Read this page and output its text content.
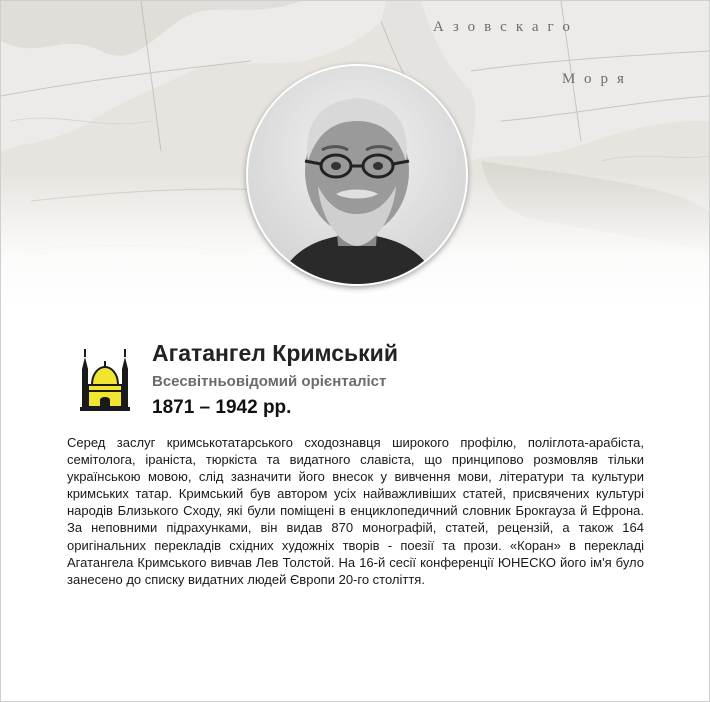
Азовскаго
Моря
Агатангел Кримський
Всесвітньовідомий орієнталіст
1871 – 1942 рр.

Серед заслуг кримськотатарського сходознавця широкого профілю, поліглота-арабіста, семітолога, іраніста, тюркіста та видатного славіста, що принципово розмовляв тільки українською мовою, слід зазначити його внесок у вивчення мови, літератури та культури кримських татар. Кримський був автором усіх найважливіших статей, присвячених культурі народів Близького Сходу, які були поміщені в енциклопедичний словник Брокгауза й Ефрона. За неповними підрахунками, він видав 870 монографій, статей, рецензій, а також 164 оригінальних перекладів східних художніх творів - поезії та прози. «Коран» в перекладі Агатангела Кримського вивчав Лев Толстой. На 16-й сесії конференції ЮНЕСКО його ім'я було занесено до списку видатних людей Європи 20-го століття.
